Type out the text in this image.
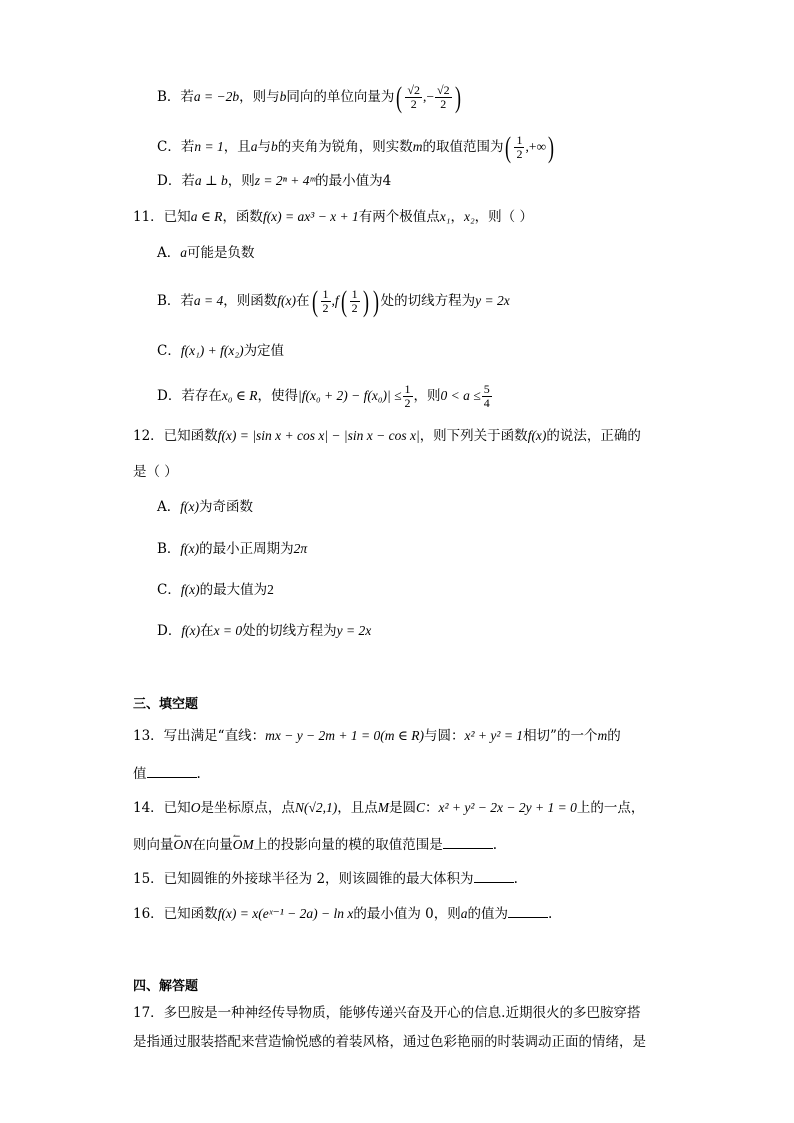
B．若a = −2b，则与b同向的单位向量为( $\frac{√2}{2}$ ,− $\frac{√2}{2}$ )
C．若n = 1，且a与b的夹角为锐角，则实数m的取值范围为( $\frac{1}{2}$ ,+∞)
D．若a ⊥ b，则z = 2ⁿ + 4ᵐ的最小值为4
11．已知a ∈ R，函数f(x) = ax³ − x + 1有两个极值点x₁，x₂，则（ ）
A．a可能是负数
B．若a = 4，则函数f(x)在( $\frac{1}{2} ,f( \frac{1}{2}$ ) ) 处的切线方程为y = 2x
C．f(x₁) + f(x₂)为定值
D．若存在x₀ ∈ R，使得$|f(x_0 + 2) - f(x_0)| \le \frac{1}{2}$ ，则$0 < a \le \frac{5}{4}$
12．已知函数f(x) = |sin x + cos x| − |sin x − cos x|，则下列关于函数f(x)的说法，正确的
是（ ）
A．f(x)为奇函数
B．f(x)的最小正周期为2π
C．f(x)的最大值为2
D．f(x)在x = 0处的切线方程为y = 2x
三、填空题
13．写出满足“直线：mx − y − 2m + 1 = 0(m ∈ R)与圆：x² + y² = 1相切”的一个m的
值	.
14．已知O是坐标原点，点N(√2,1)，且点M是圆C：x² + y² − 2x − 2y + 1 = 0上的一点，
则向量↼ ON在向量↼ OM上的投影向量的模的取值范围是	.
15．已知圆锥的外接球半径为 2，则该圆锥的最大体积为	.
16．已知函数f(x) = x(eˣ⁻¹ − 2a) − ln x的最小值为 0，则a的值为	.
四、解答题
17．多巴胺是一种神经传导物质，能够传递兴奋及开心的信息.近期很火的多巴胺穿搭
是指通过服装搭配来营造愉悦感的着装风格，通过色彩艳丽的时装调动正面的情绪，是
